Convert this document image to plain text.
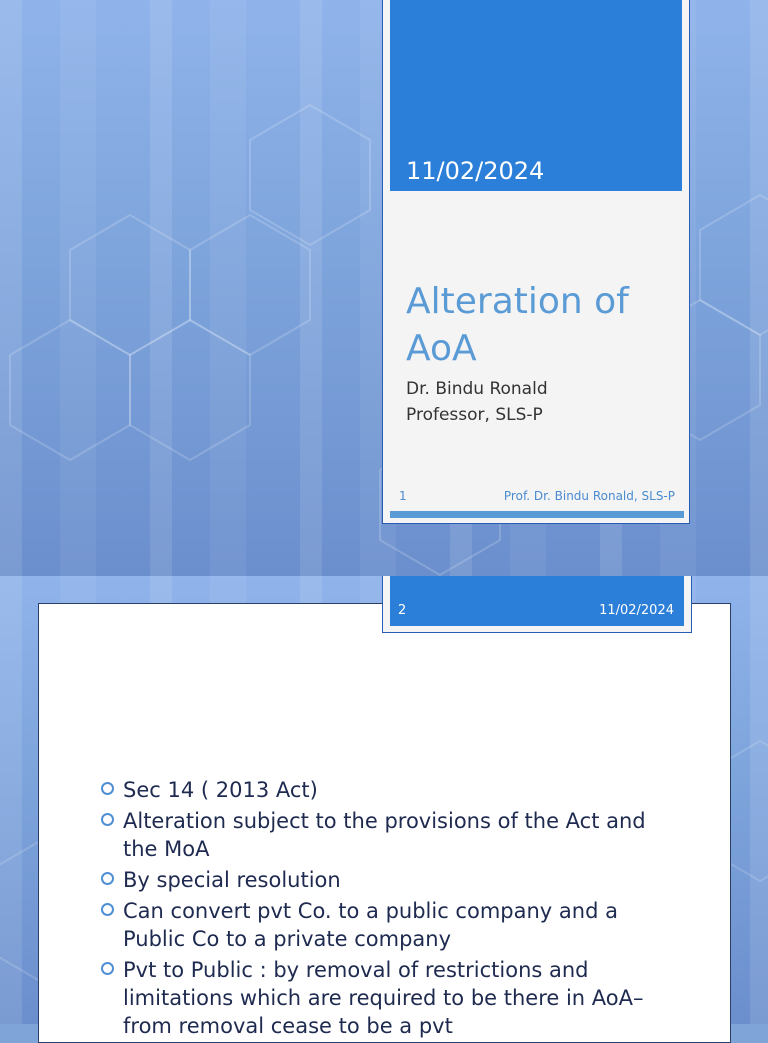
11/02/2024
Alteration of AoA
Dr. Bindu Ronald
Professor, SLS-P
1	Prof. Dr. Bindu Ronald, SLS-P
2	11/02/2024
Sec 14 ( 2013 Act)
Alteration subject to the provisions of the Act and the MoA
By special resolution
Can convert pvt Co. to a public company and a Public Co to a private company
Pvt to Public : by removal of restrictions and limitations which are required to be there in AoA– from removal cease to be a pvt
